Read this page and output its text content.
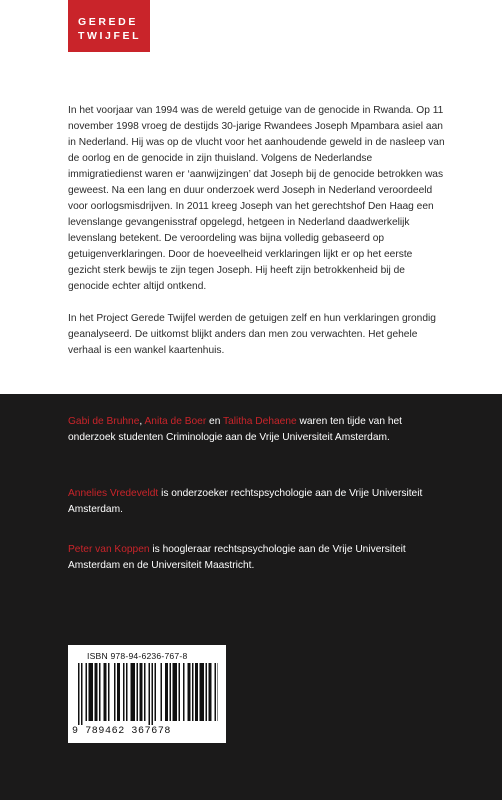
GEREDE
TWIJFEL

In het voorjaar van 1994 was de wereld getuige van de genocide in Rwanda. Op 11 november 1998 vroeg de destijds 30-jarige Rwandees Joseph Mpambara asiel aan in Nederland. Hij was op de vlucht voor het aanhoudende geweld in de nasleep van de oorlog en de genocide in zijn thuisland. Volgens de Nederlandse immigratiedienst waren er ‘aanwijzingen’ dat Joseph bij de genocide betrokken was geweest. Na een lang en duur onderzoek werd Joseph in Nederland veroordeeld voor oorlogsmisdrijven. In 2011 kreeg Joseph van het gerechtshof Den Haag een levenslange gevangenisstraf opgelegd, hetgeen in Nederland daadwerkelijk levenslang betekent. De veroordeling was bijna volledig gebaseerd op getuigenverklaringen. Door de hoeveelheid verklaringen lijkt er op het eerste gezicht sterk bewijs te zijn tegen Joseph. Hij heeft zijn betrokkenheid bij de genocide echter altijd ontkend.

In het Project Gerede Twijfel werden de getuigen zelf en hun verklaringen grondig geanalyseerd. De uitkomst blijkt anders dan men zou verwachten. Het gehele verhaal is een wankel kaartenhuis.

Gabi de Bruhne, Anita de Boer en Talitha Dehaene waren ten tijde van het onderzoek studenten Criminologie aan de Vrije Universiteit Amsterdam.

Annelies Vredeveldt is onderzoeker rechtspsychologie aan de Vrije Universiteit Amsterdam.

Peter van Koppen is hoogleraar rechtspsychologie aan de Vrije Universiteit Amsterdam en de Universiteit Maastricht.

ISBN 978-94-6236-767-8
9 789462 367678
